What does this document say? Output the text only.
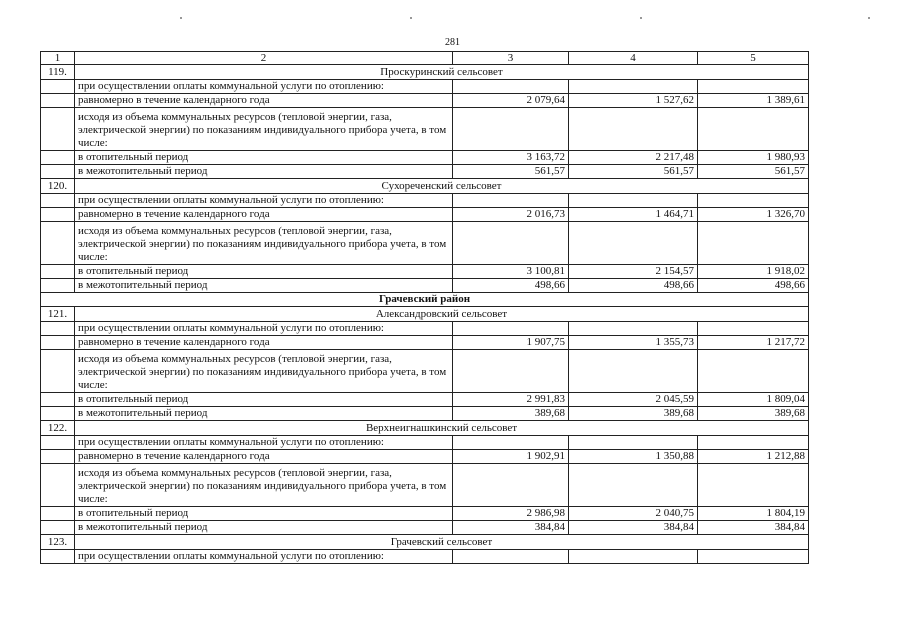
281
1	2	3	4	5
119.	Проскуринский сельсовет			
	при осуществлении оплаты коммунальной услуги по отоплению:			
	равномерно в течение календарного года	2 079,64	1 527,62	1 389,61
	исходя из объема коммунальных ресурсов (тепловой энергии, газа, электрической энергии) по показаниям индивидуального прибора учета, в том числе:			
	в отопительный период	3 163,72	2 217,48	1 980,93
	в межотопительный период	561,57	561,57	561,57
120.	Сухореченский сельсовет			
	при осуществлении оплаты коммунальной услуги по отоплению:			
	равномерно в течение календарного года	2 016,73	1 464,71	1 326,70
	исходя из объема коммунальных ресурсов (тепловой энергии, газа, электрической энергии) по показаниям индивидуального прибора учета, в том числе:			
	в отопительный период	3 100,81	2 154,57	1 918,02
	в межотопительный период	498,66	498,66	498,66
Грачевский район				
121.	Александровский сельсовет			
	при осуществлении оплаты коммунальной услуги по отоплению:			
	равномерно в течение календарного года	1 907,75	1 355,73	1 217,72
	исходя из объема коммунальных ресурсов (тепловой энергии, газа, электрической энергии) по показаниям индивидуального прибора учета, в том числе:			
	в отопительный период	2 991,83	2 045,59	1 809,04
	в межотопительный период	389,68	389,68	389,68
122.	Верхнеигнашкинский сельсовет			
	при осуществлении оплаты коммунальной услуги по отоплению:			
	равномерно в течение календарного года	1 902,91	1 350,88	1 212,88
	исходя из объема коммунальных ресурсов (тепловой энергии, газа, электрической энергии) по показаниям индивидуального прибора учета, в том числе:			
	в отопительный период	2 986,98	2 040,75	1 804,19
	в межотопительный период	384,84	384,84	384,84
123.	Грачевский сельсовет			
	при осуществлении оплаты коммунальной услуги по отоплению:			
